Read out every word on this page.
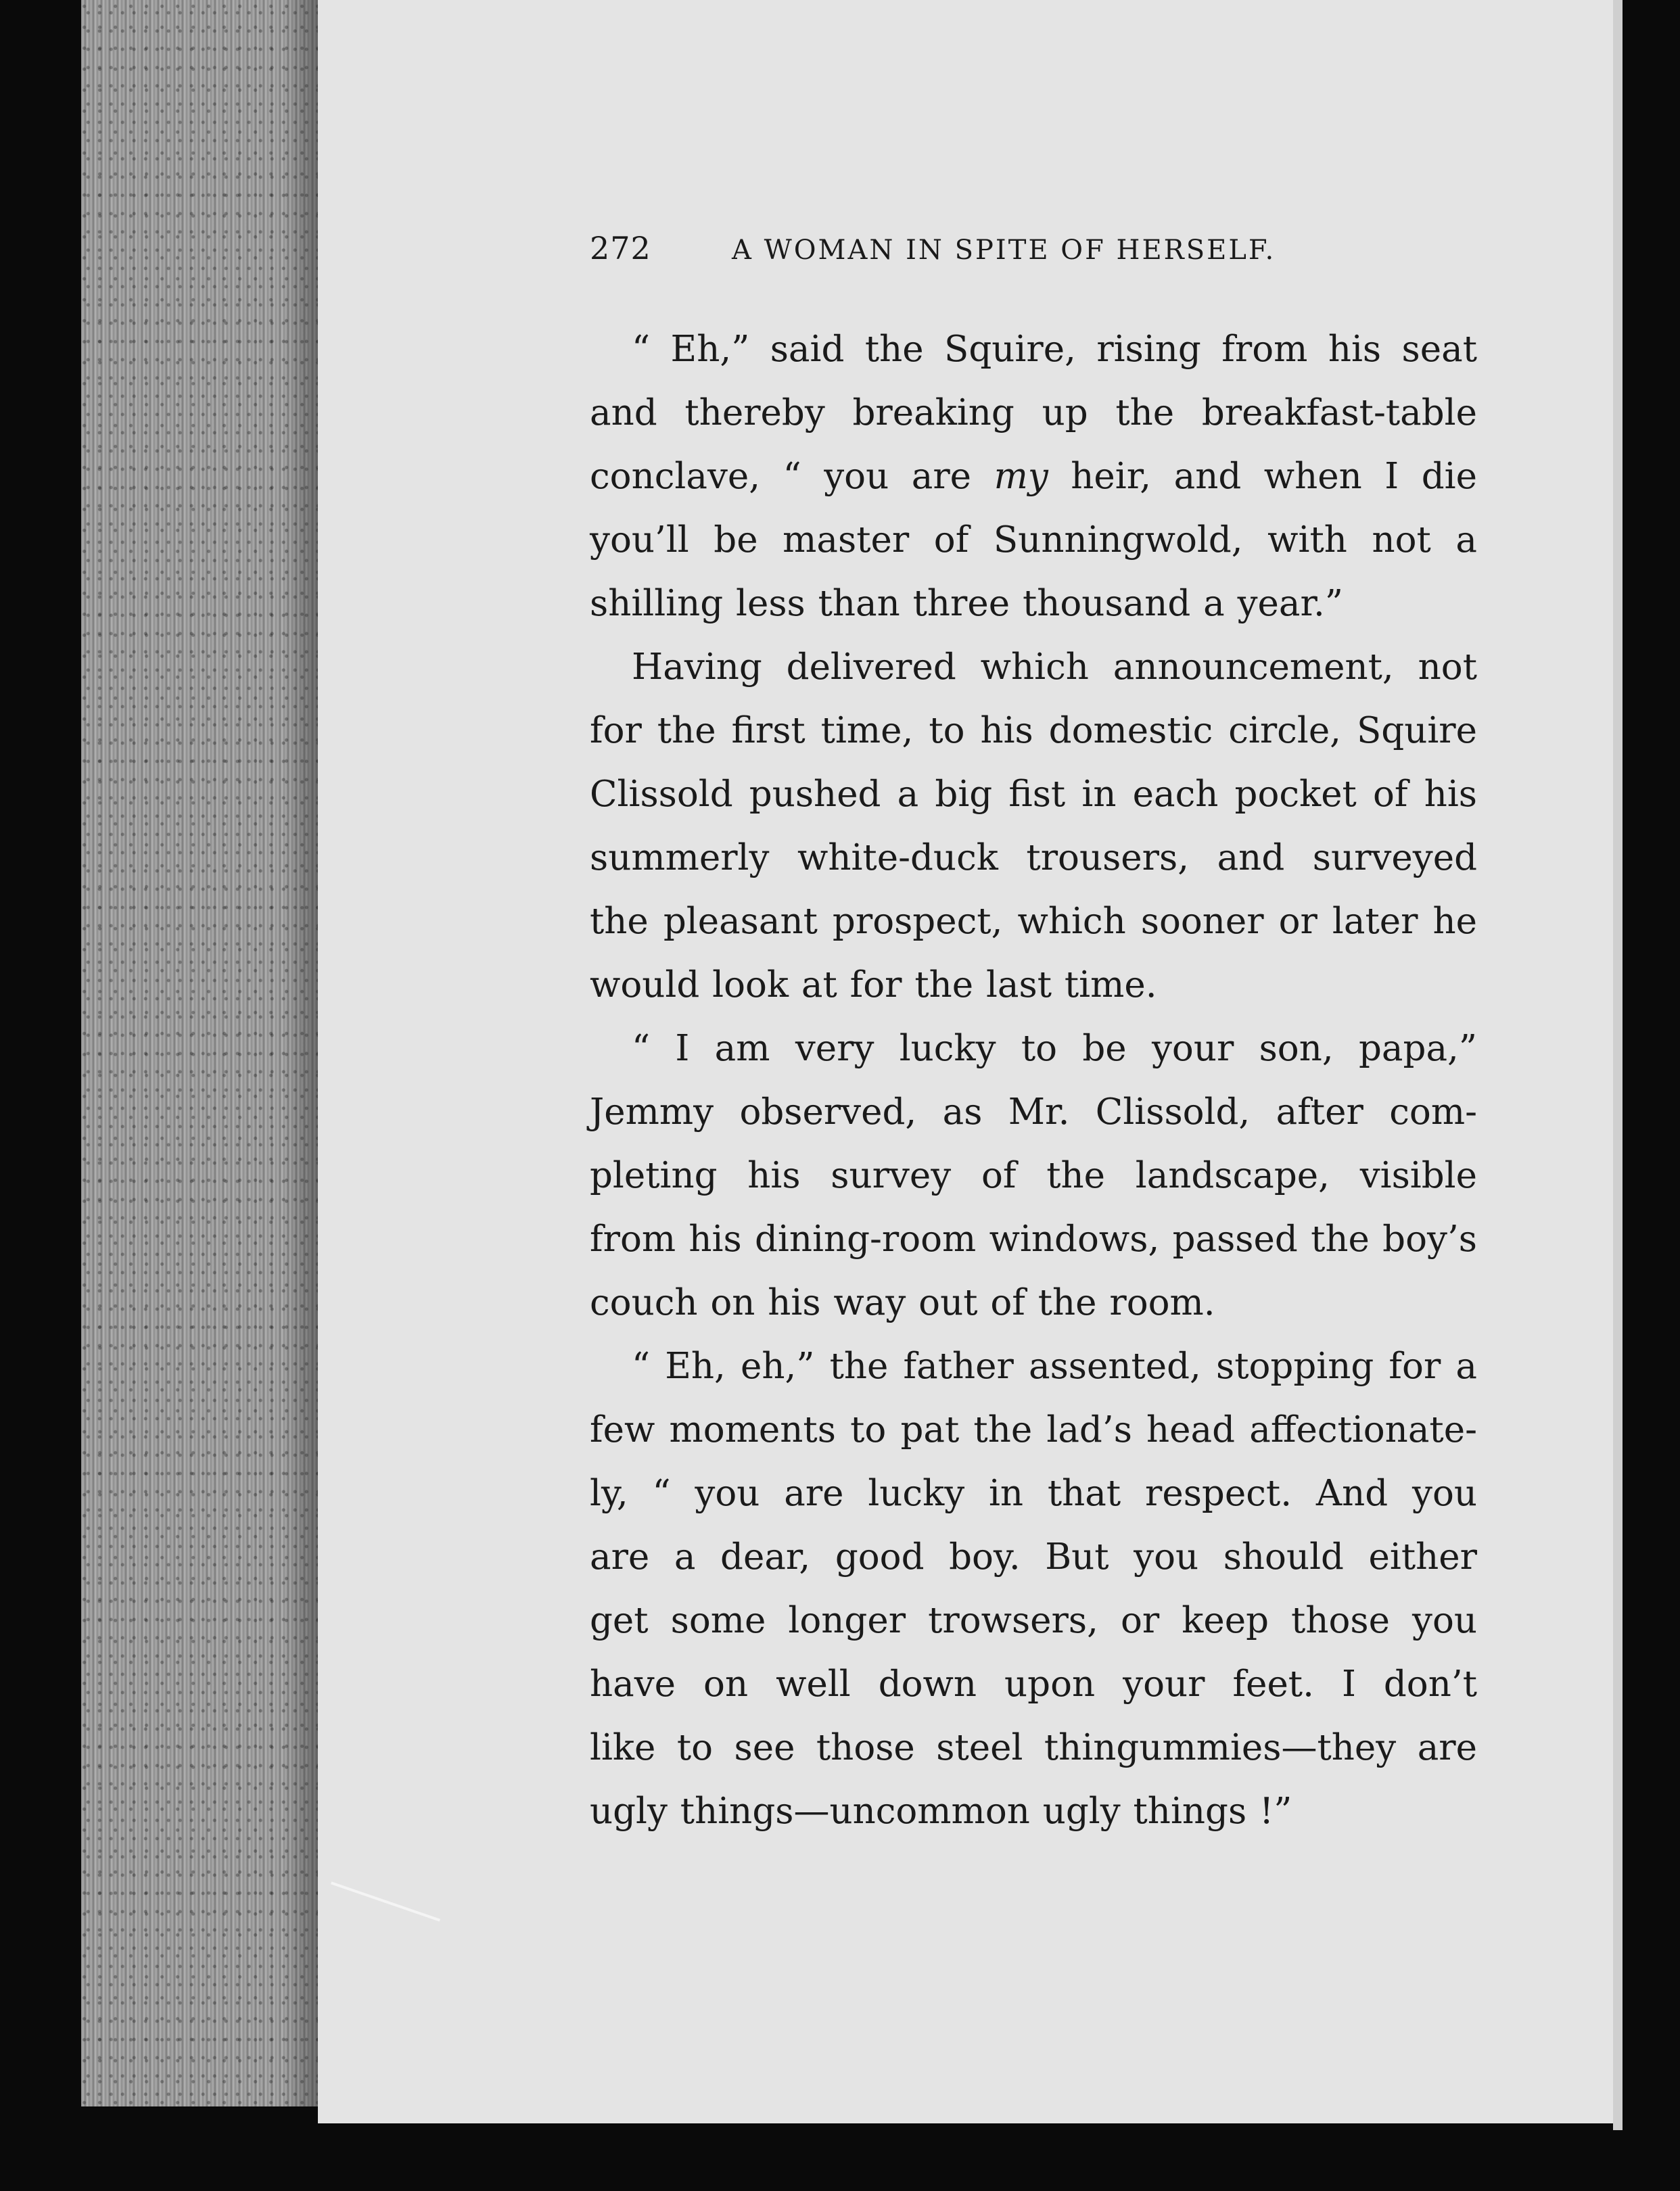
272	A WOMAN IN SPITE OF HERSELF.
“ Eh,” said the Squire, rising from his seat
and thereby breaking up the breakfast-table
conclave, “ you are my heir, and when I die
you’ll be master of Sunningwold, with not a
shilling less than three thousand a year.”
Having delivered which announcement, not
for the first time, to his domestic circle, Squire
Clissold pushed a big fist in each pocket of his
summerly white-duck trousers, and surveyed
the pleasant prospect, which sooner or later he
would look at for the last time.
“ I am very lucky to be your son, papa,”
Jemmy observed, as Mr. Clissold, after com-
pleting his survey of the landscape, visible
from his dining-room windows, passed the boy’s
couch on his way out of the room.
“ Eh, eh,” the father assented, stopping for a
few moments to pat the lad’s head affectionate-
ly, “ you are lucky in that respect. And you
are a dear, good boy. But you should either
get some longer trowsers, or keep those you
have on well down upon your feet. I don’t
like to see those steel thingummies—they are
ugly things—uncommon ugly things !”
